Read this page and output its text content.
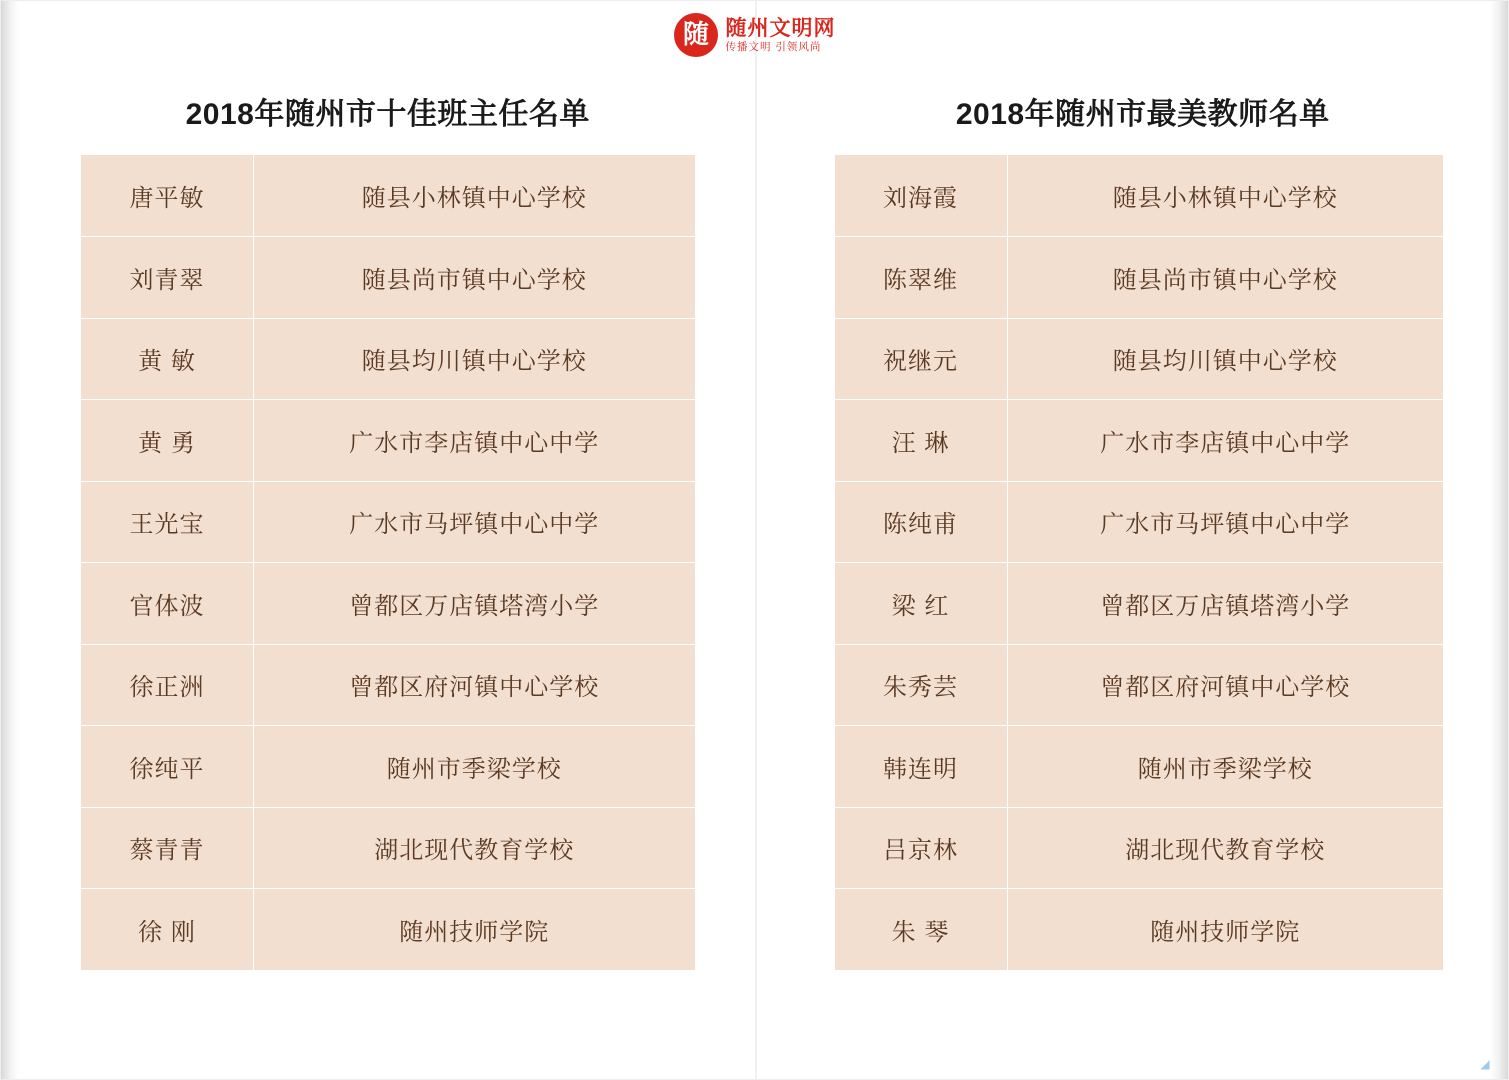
随 随州文明网
传播文明 引领风尚
2018年随州市十佳班主任名单
唐平敏	随县小林镇中心学校
刘青翠	随县尚市镇中心学校
黄 敏	随县均川镇中心学校
黄 勇	广水市李店镇中心中学
王光宝	广水市马坪镇中心中学
官体波	曾都区万店镇塔湾小学
徐正洲	曾都区府河镇中心学校
徐纯平	随州市季梁学校
蔡青青	湖北现代教育学校
徐 刚	随州技师学院
2018年随州市最美教师名单
刘海霞	随县小林镇中心学校
陈翠维	随县尚市镇中心学校
祝继元	随县均川镇中心学校
汪 琳	广水市李店镇中心中学
陈纯甫	广水市马坪镇中心中学
梁 红	曾都区万店镇塔湾小学
朱秀芸	曾都区府河镇中心学校
韩连明	随州市季梁学校
吕京林	湖北现代教育学校
朱 琴	随州技师学院
◢
